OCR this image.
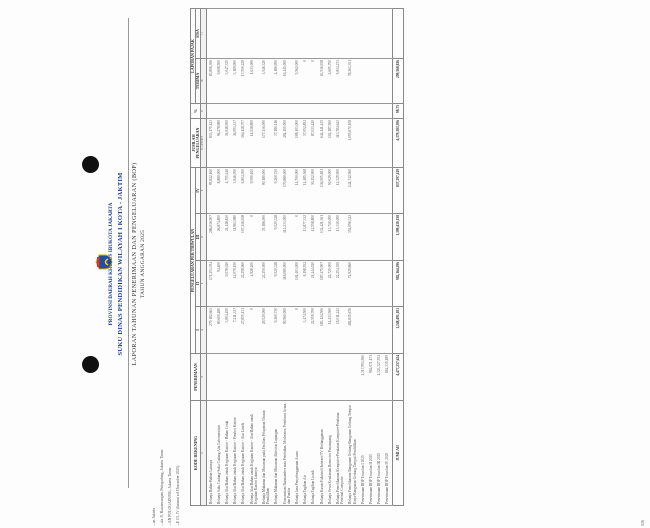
PROVINSI DAERAH KHUSUS IBUKOTA JAKARTA SUKU DINAS PENDIDIKAN WILAYAH I KOTA - JAKTIM LAPORAN TAHUNAN PENERIMAAN DAN PENGELUARAN (BOP) TAHUN ANGGARAN 2025
...an Jakarta ...ala Jl. Rawamangun, Pulogadung, Jakarta Timur ...AN PULOGADUNG, Jakarta Timur ...E III, IV (Januari s/d Desember 2025)
KODE REKENING	PENERIMAAN	PENGELUARAN PER TRIWULAN				JUMLAH PENGELUARAN	%	LAPORAN PAJAK	
		I	II	III	IV			TERIMA	SISA
2	3	4	5	6	7	8 = 4+5+6+7	9	10	11
Belanja Bahan-Bahan Lainnya		279,182,663	171,253,394	286,016,907	95,822,160	833,175,123		83,806,306	
Belanja Suku Cadang-Suku Cadang Alat Laboratorium		69,600,480	94,400	26,874,800	8,880,000	96,278,980		9,608,500	
Belanja Alat/Bahan untuk Kegiatan Kantor - Bahan Cetak		3,804,450	9,078,020	21,148,830	4,755,240	36,948,500		3,047,325	
Belanja Alat/Bahan untuk Kegiatan Kantor - Perabot Kantor		7,211,337	12,079,150	11,963,980	3,946,050	36,093,337		3,189,900	
Belanja Alat/Bahan untuk Kegiatan Kantor - Alat Listrik		27,855,131	22,258,960	107,216,938	6,804,300	164,118,757		17,550,229	
Belanja Alat/Bahan untuk Kegiatan Kantor - Alat/Bahan untuk Kegiatan Kantor Lainnya		0	4,928,400	0	9,590,400	14,518,800		1,633,000	
Belanja Makanan dan Minuman pada Fasilitas Pelayanan Urusan Pendidikan		29,520,000	22,250,000	35,186,000	90,180,000	177,136,000		3,546,320	
Belanja Makanan dan Minuman Aktivitas Lapangan		9,260,730	9,520,328	9,520,328	9,260,730	37,180,116		4,186,950	
Honorarium Narasumber atau Pembahas, Moderator, Pembawa Acara, dan Panitia		90,960,000	118,080,000	112,233,000	170,880,000	494,155,000		16,445,000	
Belanja Jasa Penyelenggaraan Acara		0	101,403,000	0	14,700,000	108,103,000		5,562,000	
Belanja Tagihan Air		3,474,500	8,198,552	13,877,332	12,485,368	37,052,852		0	
Belanja Tagihan Listrik		22,559,700	21,444,020	12,558,800	30,252,900	87,023,420		0	
Belanja Kawat/Faksimili/Internet/TV Berlangganan		183,124,506	187,475,907	134,421,361	136,005,181	644,141,435		63,536,938	
Belanja Sewa Kendaraan Bermotor Penumpang		14,213,500	22,720,000	13,710,000	50,029,000	102,187,500		2,605,750	
Belanja Pemeliharaan Komputer-Peralatan Komputer-Peralatan Personal Computer		15,011,243	22,254,300	13,310,000	12,329,500	113,784,643		5,814,273	
Belanja Pemeliharaan Bangunan Gedung-Bangunan Gedung Tempat Kerja-Bangunan Gedung Tempat Pendidikan		484,815,676	74,929,860	352,096,322	144,742,560	1,055,670,108		78,263,351	
Penerimaan BOP Triwulan I 2025	1,317,993,560								
Penerimaan BOP Triwulan II 2025	962,071,171								
Penerimaan BOP Triwulan III 2025	1,323,327,554								
Penerimaan BOP Triwulan IV 2025	862,335,189								
JUMLAH	4,477,257,624	1,248,491,181	982,164,296	1,399,430,158	837,297,419	4,379,383,306	98.75	299,568,836	
026
